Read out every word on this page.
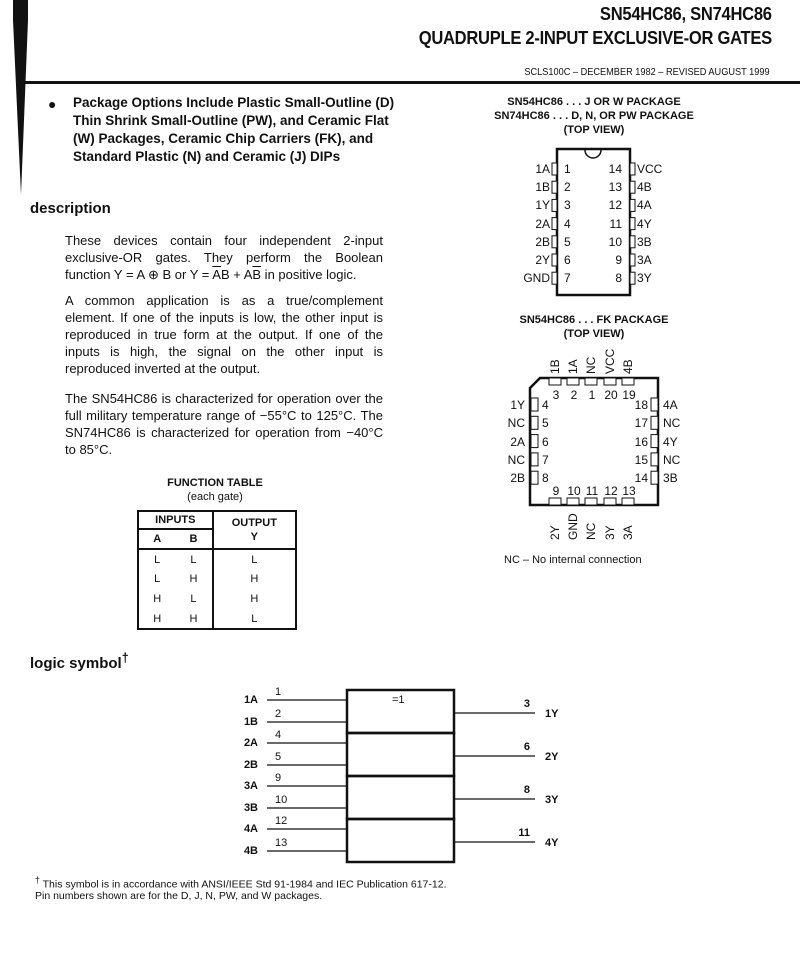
SN54HC86, SN74HC86
QUADRUPLE 2-INPUT EXCLUSIVE-OR GATES
SCLS100C – DECEMBER 1982 – REVISED AUGUST 1999
● Package Options Include Plastic Small-Outline (D) Thin Shrink Small-Outline (PW), and Ceramic Flat (W) Packages, Ceramic Chip Carriers (FK), and Standard Plastic (N) and Ceramic (J) DIPs
description
These devices contain four independent 2-input exclusive-OR gates. They perform the Boolean function Y = A ⊕ B or $Y = \overline{A}B + A\overline{B}$ in positive logic.
A common application is as a true/complement element. If one of the inputs is low, the other input is reproduced in true form at the output. If one of the inputs is high, the signal on the other input is reproduced inverted at the output.
The SN54HC86 is characterized for operation over the full military temperature range of −55°C to 125°C. The SN74HC86 is characterized for operation from −40°C to 85°C.
FUNCTION TABLE
(each gate)
INPUTS		OUTPUT
Y
A	B	
L	L	L
L	H	H
H	L	H
H	H	L
SN54HC86 . . . J OR W PACKAGE
SN74HC86 . . . D, N, OR PW PACKAGE
(TOP VIEW)
1A 1	14 VCC
1B 2	13 4B
1Y 3	12 4A
2A 4	11 4Y
2B 5	10 3B
2Y 6	9 3A
GND 7	8 3Y
SN54HC86 . . . FK PACKAGE
(TOP VIEW)
1B
3
9
2Y
1Y 4	18 4A
1A
2
10
GND
NC 5	17 NC
NC
1
11
NC
2A 6	16 4Y
VCC
20
12
3Y
NC 7	15 NC
4B
19
13
3A
2B 8	14 3B
NC – No internal connection
logic symbol†
=1
1A
1
1B
2
2A
4
2B
5
3A
9
3B
10
4A
12
4B
13
3
1Y
6
2Y
8
3Y
11
4Y
† This symbol is in accordance with ANSI/IEEE Std 91-1984 and IEC Publication 617-12.
Pin numbers shown are for the D, J, N, PW, and W packages.
